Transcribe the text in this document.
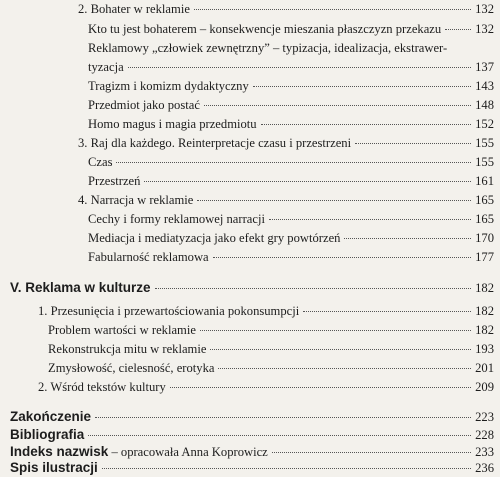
2. Bohater w reklamie	132
Kto tu jest bohaterem – konsekwencje mieszania płaszczyzn przekazu	132
Reklamowy „człowiek zewnętrzny” – typizacja, idealizacja, ekstrawer-
tyzacja	137
Tragizm i komizm dydaktyczny	143
Przedmiot jako postać	148
Homo magus i magia przedmiotu	152
3. Raj dla każdego. Reinterpretacje czasu i przestrzeni	155
Czas	155
Przestrzeń	161
4. Narracja w reklamie	165
Cechy i formy reklamowej narracji	165
Mediacja i mediatyzacja jako efekt gry powtórzeń	170
Fabularność reklamowa	177
V. Reklama w kulturze	182
1. Przesunięcia i przewartościowania pokonsumpcji	182
Problem wartości w reklamie	182
Rekonstrukcja mitu w reklamie	193
Zmysłowość, cielesność, erotyka	201
2. Wśród tekstów kultury	209
Zakończenie	223
Bibliografia	228
Indeks nazwisk – opracowała Anna Koprowicz	233
Spis ilustracji	236
